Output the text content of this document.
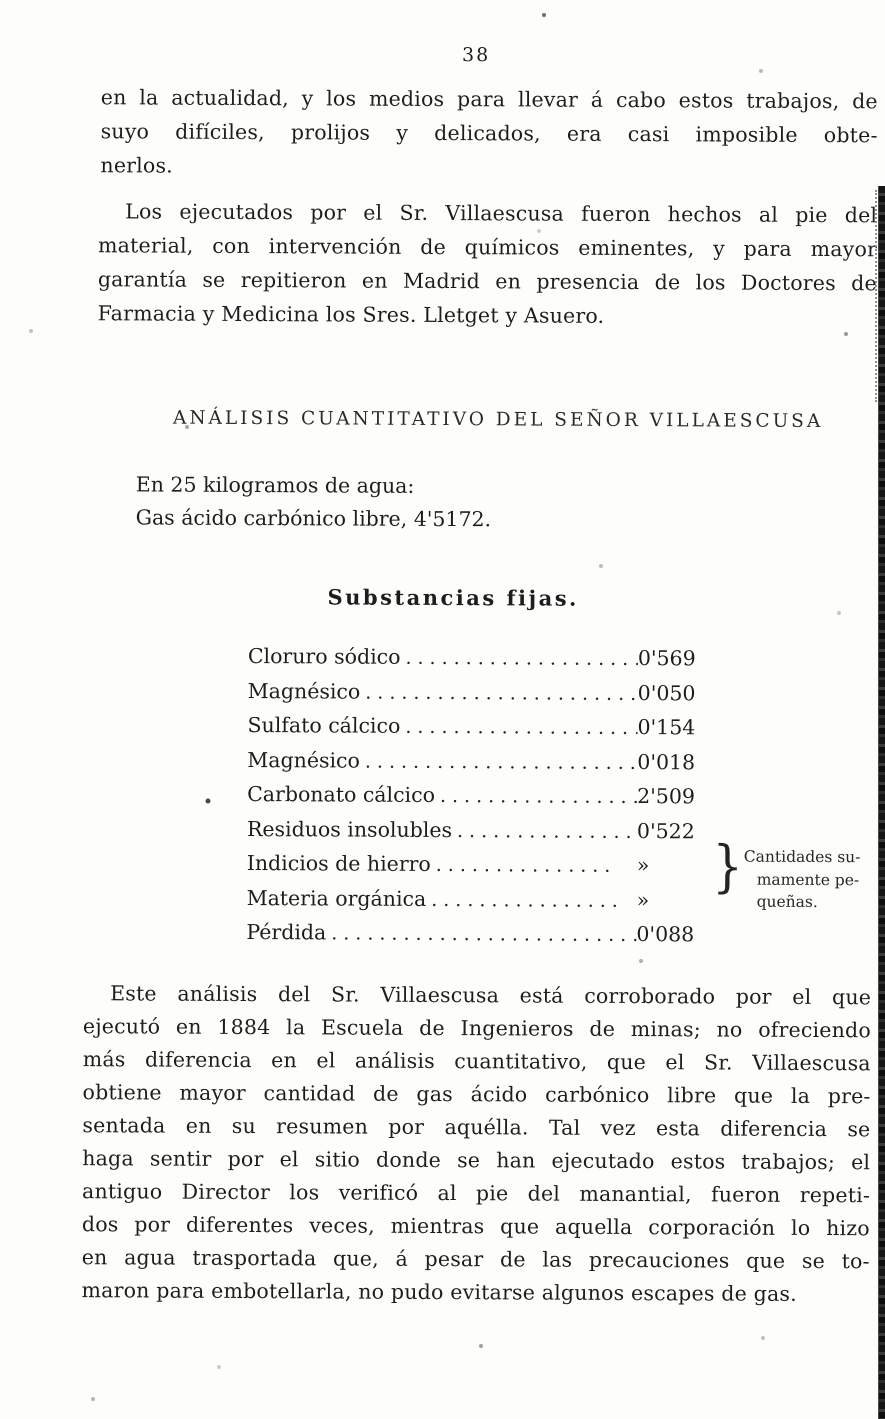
38
en la actualidad, y los medios para llevar á cabo estos trabajos, de
suyo difíciles, prolijos y delicados, era casi imposible obte-
nerlos.
Los ejecutados por el Sr. Villaescusa fueron hechos al pie del
material, con intervención de químicos eminentes, y para mayor
garantía se repitieron en Madrid en presencia de los Doctores de
Farmacia y Medicina los Sres. Lletget y Asuero.
ANÁLISIS CUANTITATIVO DEL SEÑOR VILLAESCUSA
En 25 kilogramos de agua:
Gas ácido carbónico libre, 4'5172.
Substancias fijas.
Cloruro sódico .....	0'569
Magnésico .....	0'050
Sulfato cálcico .....	0'154
Magnésico .....	0'018
Carbonato cálcico .....	2'509
Residuos insolubles .....	0'522
Indicios de hierro .....	»
Materia orgánica .....	»
Pérdida .....	0'088
} Cantidades su-
mamente pe-
queñas.
Este análisis del Sr. Villaescusa está corroborado por el que
ejecutó en 1884 la Escuela de Ingenieros de minas; no ofreciendo
más diferencia en el análisis cuantitativo, que el Sr. Villaescusa
obtiene mayor cantidad de gas ácido carbónico libre que la pre-
sentada en su resumen por aquélla. Tal vez esta diferencia se
haga sentir por el sitio donde se han ejecutado estos trabajos; el
antiguo Director los verificó al pie del manantial, fueron repeti-
dos por diferentes veces, mientras que aquella corporación lo hizo
en agua trasportada que, á pesar de las precauciones que se to-
maron para embotellarla, no pudo evitarse algunos escapes de gas.
